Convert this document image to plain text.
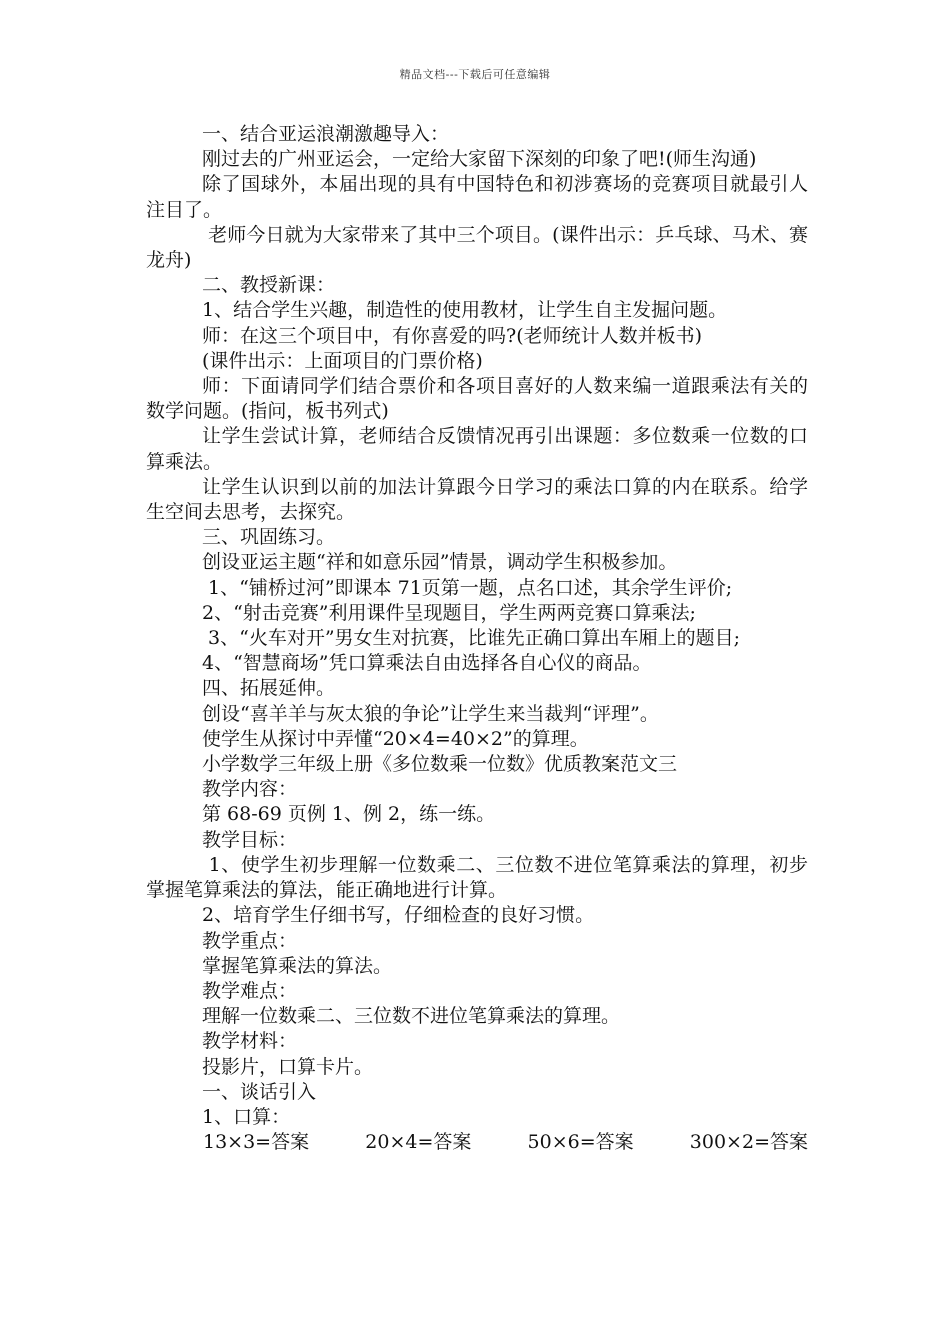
精品文档---下载后可任意编辑

一、结合亚运浪潮激趣导入：

刚过去的广州亚运会，一定给大家留下深刻的印象了吧!(师生沟通)

除了国球外，本届出现的具有中国特色和初涉赛场的竞赛项目就最引人注目了。

老师今日就为大家带来了其中三个项目。(课件出示：乒乓球、马术、赛龙舟)

二、教授新课：

1、结合学生兴趣，制造性的使用教材，让学生自主发掘问题。

师：在这三个项目中，有你喜爱的吗?(老师统计人数并板书)

(课件出示：上面项目的门票价格)

师：下面请同学们结合票价和各项目喜好的人数来编一道跟乘法有关的数学问题。(指问，板书列式)

让学生尝试计算，老师结合反馈情况再引出课题：多位数乘一位数的口算乘法。

让学生认识到以前的加法计算跟今日学习的乘法口算的内在联系。给学生空间去思考，去探究。

三、巩固练习。

创设亚运主题“祥和如意乐园”情景，调动学生积极参加。

1、“铺桥过河”即课本 71页第一题，点名口述，其余学生评价;

2、“射击竞赛”利用课件呈现题目，学生两两竞赛口算乘法;

3、“火车对开”男女生对抗赛，比谁先正确口算出车厢上的题目;

4、“智慧商场”凭口算乘法自由选择各自心仪的商品。

四、拓展延伸。

创设“喜羊羊与灰太狼的争论”让学生来当裁判“评理”。

使学生从探讨中弄懂“20×4=40×2”的算理。

小学数学三年级上册《多位数乘一位数》优质教案范文三

教学内容：

第 68-69 页例 1、例 2，练一练。

教学目标：

1、使学生初步理解一位数乘二、三位数不进位笔算乘法的算理，初步掌握笔算乘法的算法，能正确地进行计算。

2、培育学生仔细书写，仔细检查的良好习惯。

教学重点：

掌握笔算乘法的算法。

教学难点：

理解一位数乘二、三位数不进位笔算乘法的算理。

教学材料：

投影片，口算卡片。

一、谈话引入

1、口算：

13×3=答案	20×4=答案	50×6=答案	300×2=答案
